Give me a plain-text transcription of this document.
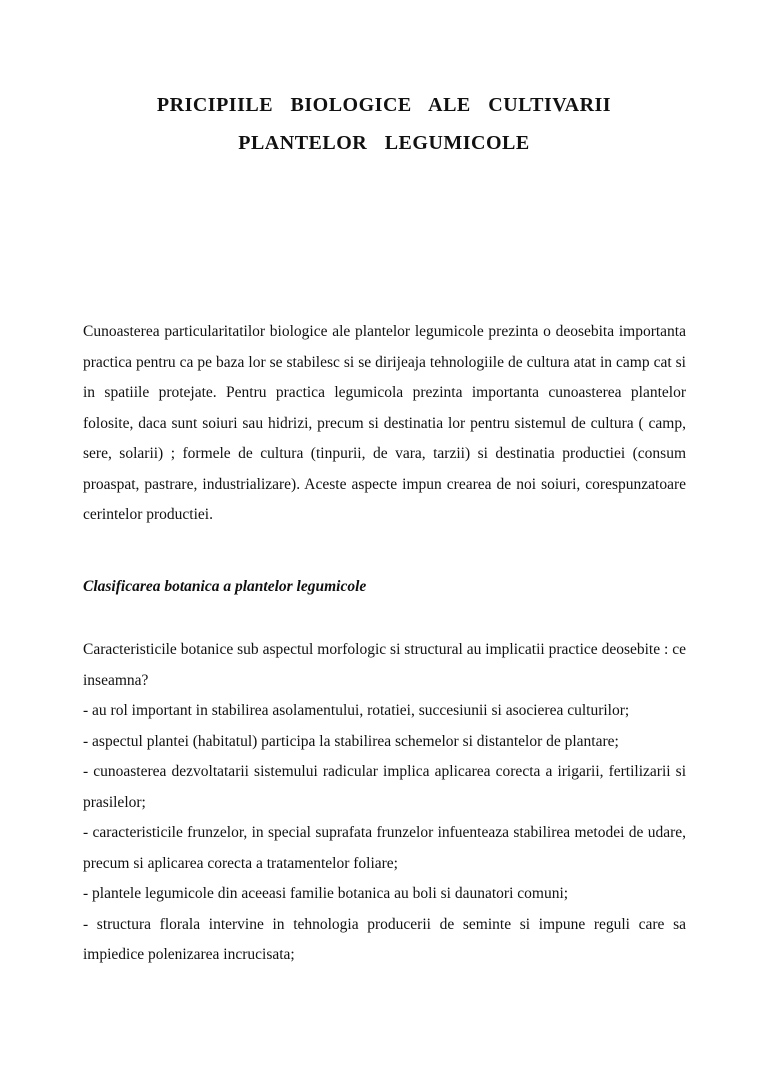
PRICIPIILE BIOLOGICE ALE CULTIVARII
PLANTELOR LEGUMICOLE

Cunoasterea particularitatilor biologice ale plantelor legumicole prezinta o deosebita importanta practica pentru ca pe baza lor se stabilesc si se dirijeaja tehnologiile de cultura atat in camp cat si in spatiile protejate. Pentru practica legumicola prezinta importanta cunoasterea plantelor folosite, daca sunt soiuri sau hidrizi, precum si destinatia lor pentru sistemul de cultura ( camp, sere, solarii) ; formele de cultura (tinpurii, de vara, tarzii) si destinatia productiei (consum proaspat, pastrare, industrializare). Aceste aspecte impun crearea de noi soiuri, corespunzatoare cerintelor productiei.

Clasificarea botanica a plantelor legumicole
Caracteristicile botanice sub aspectul morfologic si structural au implicatii practice deosebite : ce inseamna?
- au rol important in stabilirea asolamentului, rotatiei, succesiunii si asocierea culturilor;
- aspectul plantei (habitatul) participa la stabilirea schemelor si distantelor de plantare;
- cunoasterea dezvoltatarii sistemului radicular implica aplicarea corecta a irigarii, fertilizarii si prasilelor;
- caracteristicile frunzelor, in special suprafata frunzelor infuenteaza stabilirea metodei de udare, precum si aplicarea corecta a tratamentelor foliare;
- plantele legumicole din aceeasi familie botanica au boli si daunatori comuni;
- structura florala intervine in tehnologia producerii de seminte si impune reguli care sa impiedice polenizarea incrucisata;
